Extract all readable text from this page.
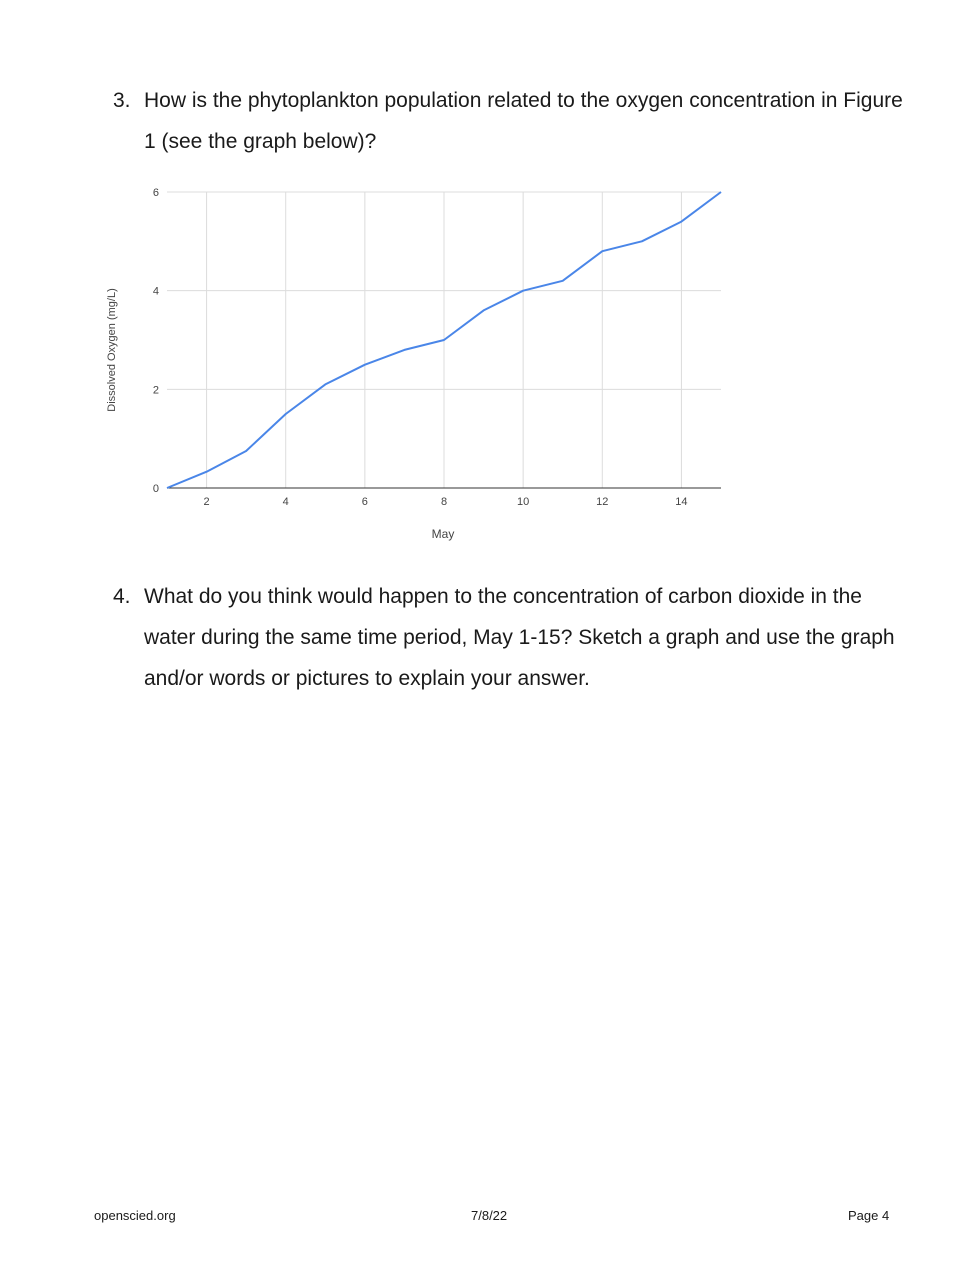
3. How is the phytoplankton population related to the oxygen concentration in Figure 1 (see the graph below)?
0
2
4
6
2	4	6	8	10	12	14
May
Dissolved Oxygen (mg/L)
4. What do you think would happen to the concentration of carbon dioxide in the water during the same time period, May 1-15? Sketch a graph and use the graph and/or words or pictures to explain your answer.
openscied.org	7/8/22	Page 4
